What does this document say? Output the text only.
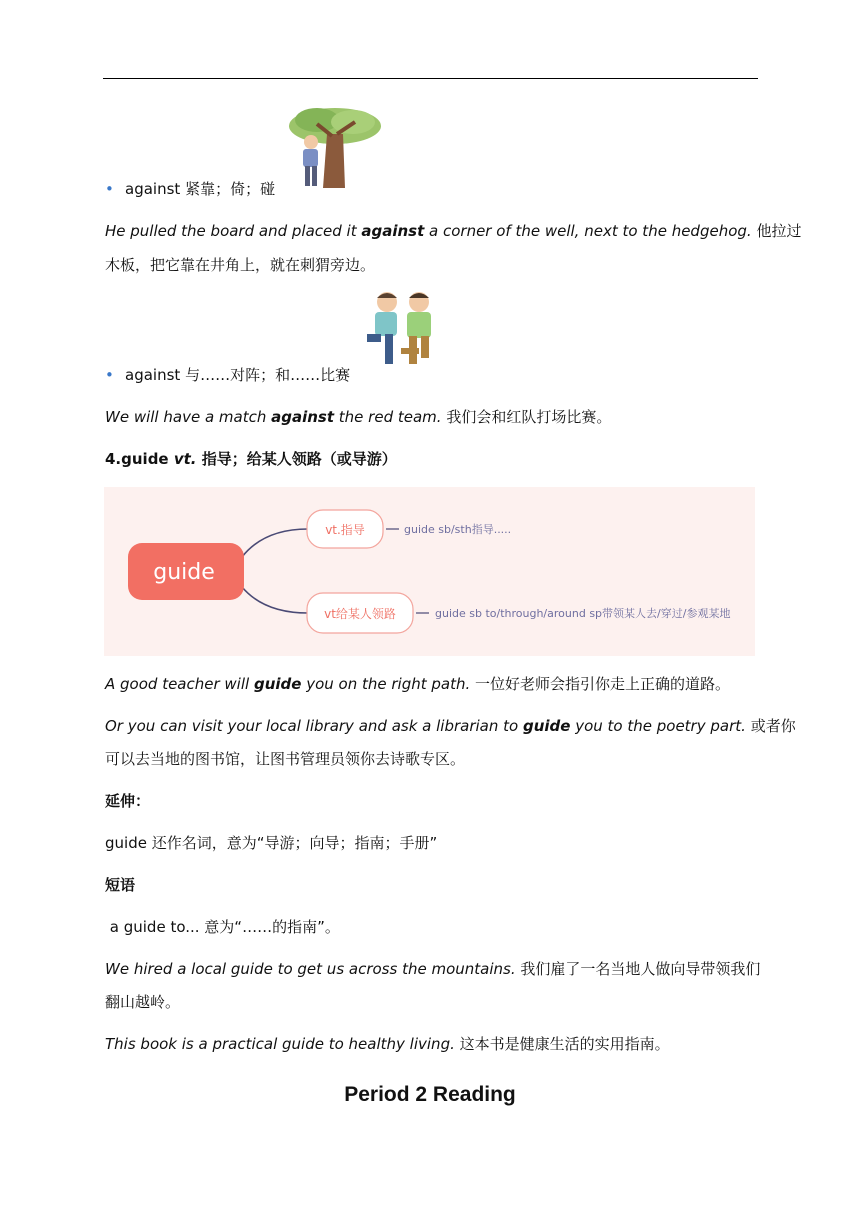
• against 紧靠；倚；碰
He pulled the board and placed it against a corner of the well, next to the hedgehog. 他拉过
木板，把它靠在井角上，就在刺猬旁边。
• against 与……对阵；和……比赛
We will have a match against the red team. 我们会和红队打场比赛。
4.guide vt. 指导；给某人领路（或导游）
guide
vt.指导	guide sb/sth指导.....
vt给某人领路	guide sb to/through/around sp带领某人去/穿过/参观某地
A good teacher will guide you on the right path. 一位好老师会指引你走上正确的道路。
Or you can visit your local library and ask a librarian to guide you to the poetry part. 或者你
可以去当地的图书馆，让图书管理员领你去诗歌专区。
延伸：
guide 还作名词，意为“导游；向导；指南；手册”
短语
a guide to... 意为“……的指南”。
We hired a local guide to get us across the mountains. 我们雇了一名当地人做向导带领我们
翻山越岭。
This book is a practical guide to healthy living. 这本书是健康生活的实用指南。
Period 2 Reading
